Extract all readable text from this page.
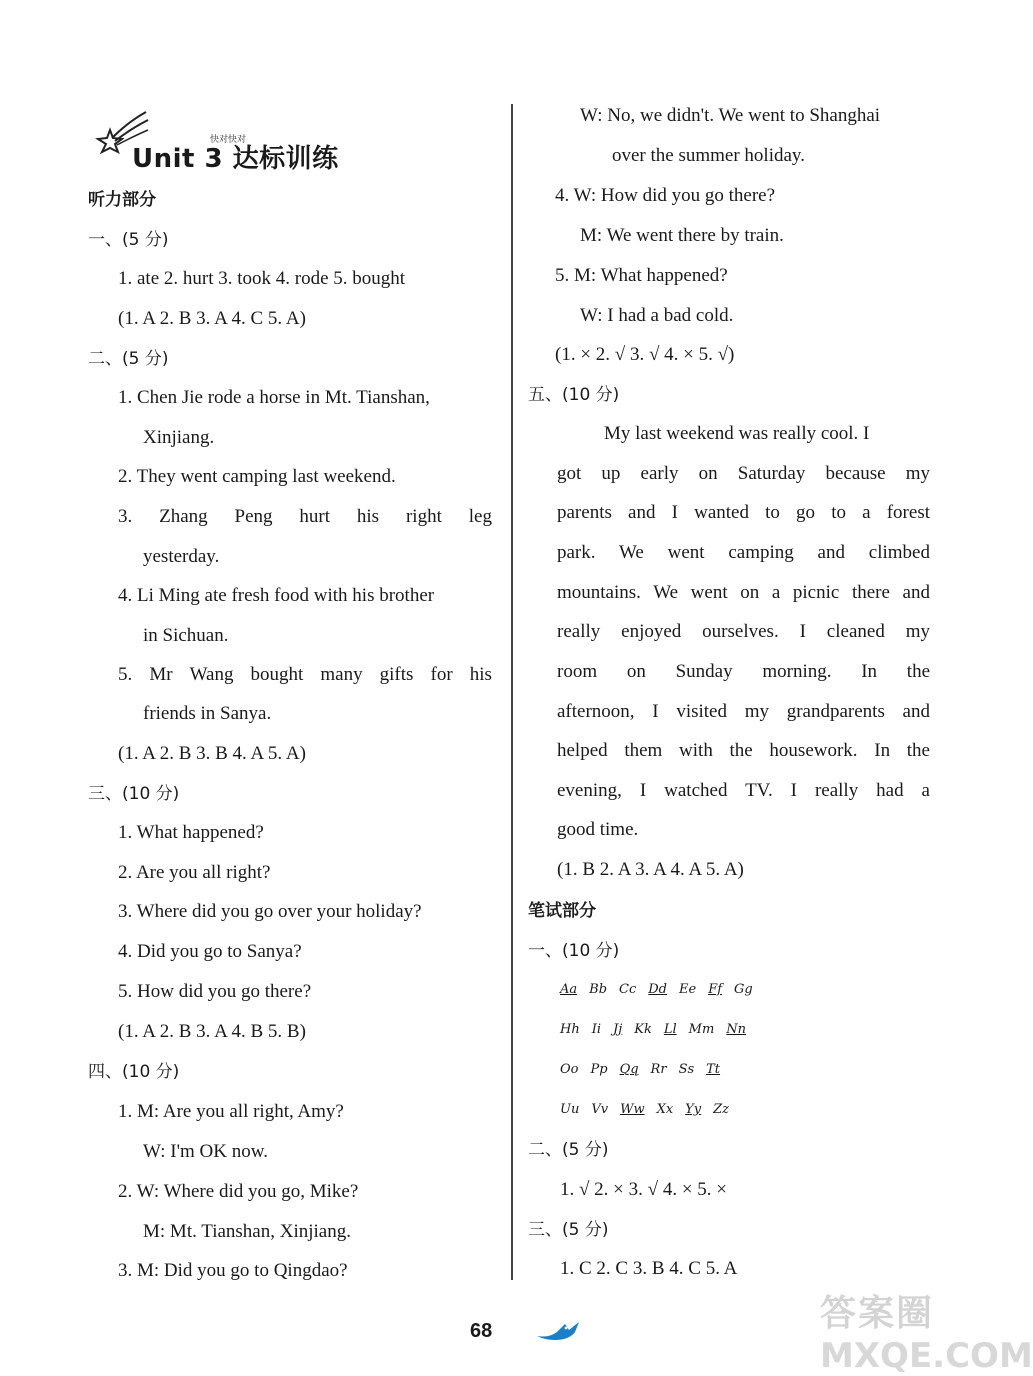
快对快对
Unit 3 达标训练
听力部分
一、(5 分)
1. ate 2. hurt 3. took 4. rode 5. bought
(1. A 2. B 3. A 4. C 5. A)
二、(5 分)
1. Chen Jie rode a horse in Mt. Tianshan,
Xinjiang.
2. They went camping last weekend.
3. Zhang Peng hurt his right leg
yesterday.
4. Li Ming ate fresh food with his brother
in Sichuan.
5. Mr Wang bought many gifts for his
friends in Sanya.
(1. A 2. B 3. B 4. A 5. A)
三、(10 分)
1. What happened?
2. Are you all right?
3. Where did you go over your holiday?
4. Did you go to Sanya?
5. How did you go there?
(1. A 2. B 3. A 4. B 5. B)
四、(10 分)
1. M: Are you all right, Amy?
W: I'm OK now.
2. W: Where did you go, Mike?
M: Mt. Tianshan, Xinjiang.
3. M: Did you go to Qingdao?
W: No, we didn't. We went to Shanghai
over the summer holiday.
4. W: How did you go there?
M: We went there by train.
5. M: What happened?
W: I had a bad cold.
(1. × 2. √ 3. √ 4. × 5. √)
五、(10 分)
My last weekend was really cool. I
got up early on Saturday because my
parents and I wanted to go to a forest
park. We went camping and climbed
mountains. We went on a picnic there and
really enjoyed ourselves. I cleaned my
room on Sunday morning. In the
afternoon, I visited my grandparents and
helped them with the housework. In the
evening, I watched TV. I really had a
good time.
(1. B 2. A 3. A 4. A 5. A)
笔试部分
一、(10 分)
Aa Bb Cc Dd Ee Ff Gg
Hh Ii Jj Kk Ll Mm Nn
Oo Pp Qq Rr Ss Tt
Uu Vv Ww Xx Yy Zz
二、(5 分)
1. √ 2. × 3. √ 4. × 5. ×
三、(5 分)
1. C 2. C 3. B 4. C 5. A
68	答案圈
MXQE.COM
